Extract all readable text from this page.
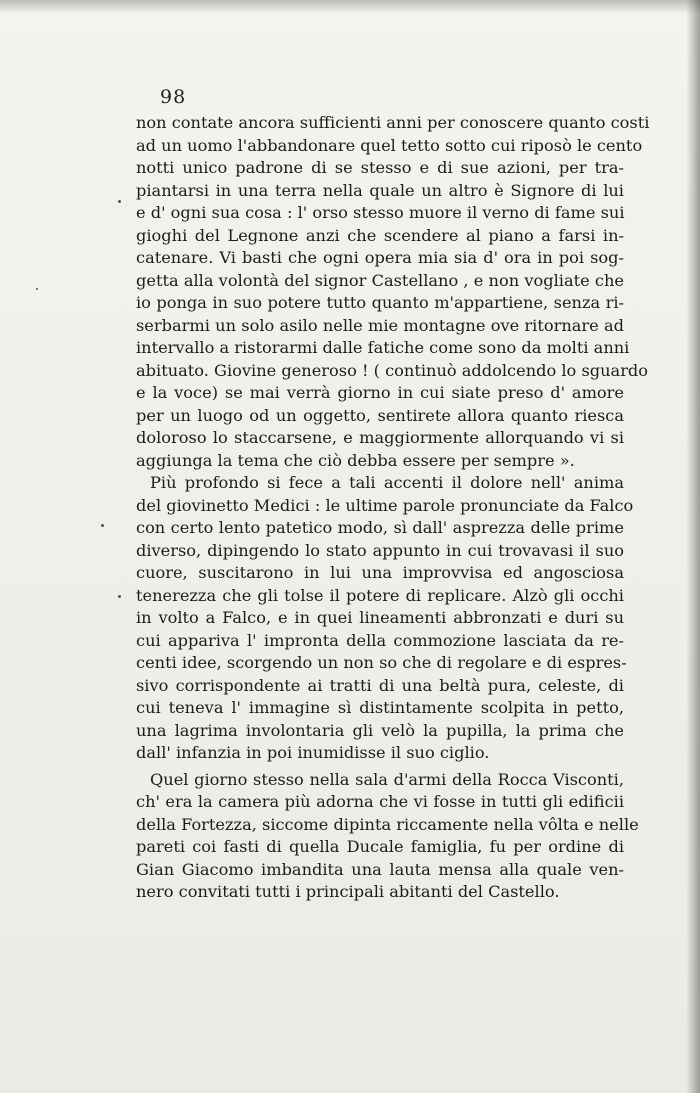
98
non contate ancora sufficienti anni per conoscere quanto costi
ad un uomo l'abbandonare quel tetto sotto cui riposò le cento
notti unico padrone di se stesso e di sue azioni, per tra-
piantarsi in una terra nella quale un altro è Signore di lui
e d' ogni sua cosa : l' orso stesso muore il verno di fame sui
gioghi del Legnone anzi che scendere al piano a farsi in-
catenare. Vi basti che ogni opera mia sia d' ora in poi sog-
getta alla volontà del signor Castellano , e non vogliate che
io ponga in suo potere tutto quanto m'appartiene, senza ri-
serbarmi un solo asilo nelle mie montagne ove ritornare ad
intervallo a ristorarmi dalle fatiche come sono da molti anni
abituato. Giovine generoso ! ( continuò addolcendo lo sguardo
e la voce) se mai verrà giorno in cui siate preso d' amore
per un luogo od un oggetto, sentirete allora quanto riesca
doloroso lo staccarsene, e maggiormente allorquando vi si
aggiunga la tema che ciò debba essere per sempre ».
Più profondo si fece a tali accenti il dolore nell' anima
del giovinetto Medici : le ultime parole pronunciate da Falco
con certo lento patetico modo, sì dall' asprezza delle prime
diverso, dipingendo lo stato appunto in cui trovavasi il suo
cuore, suscitarono in lui una improvvisa ed angosciosa
tenerezza che gli tolse il potere di replicare. Alzò gli occhi
in volto a Falco, e in quei lineamenti abbronzati e duri su
cui appariva l' impronta della commozione lasciata da re-
centi idee, scorgendo un non so che di regolare e di espres-
sivo corrispondente ai tratti di una beltà pura, celeste, di
cui teneva l' immagine sì distintamente scolpita in petto,
una lagrima involontaria gli velò la pupilla, la prima che
dall' infanzia in poi inumidisse il suo ciglio.
Quel giorno stesso nella sala d'armi della Rocca Visconti,
ch' era la camera più adorna che vi fosse in tutti gli edificii
della Fortezza, siccome dipinta riccamente nella vôlta e nelle
pareti coi fasti di quella Ducale famiglia, fu per ordine di
Gian Giacomo imbandita una lauta mensa alla quale ven-
nero convitati tutti i principali abitanti del Castello.
